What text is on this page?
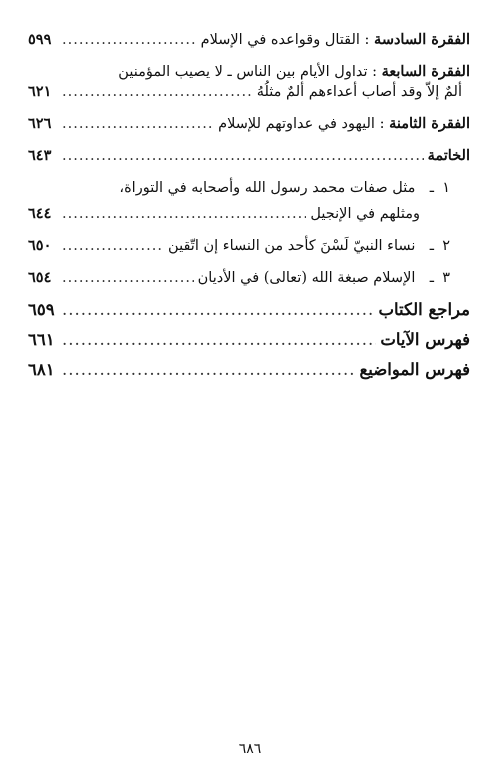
الفقرة السادسة : القتال وقواعده في الإسلام
.....
٥٩٩
الفقرة السابعة : تداول الأيام بين الناس ـ لا يصيب المؤمنين
ألمٌ إلاّ وقد أصاب أعداءهم ألمٌ مثلُهُ
.....
٦٢١
الفقرة الثامنة : اليهود في عداوتهم للإسلام
.....
٦٢٦
الخاتمة
.....
٦٤٣
١ـ مثل صفات محمد رسول الله وأصحابه في التوراة،
ومثلهم في الإنجيل
.....
٦٤٤
٢ـ نساء النبيّ لَسْنَ كأحد من النساء إن اتّقين
.....
٦٥٠
٣ـ الإسلام صبغة الله (تعالى) في الأديان
.....
٦٥٤
مراجع الكتاب
.....
٦٥٩
فهرس الآيات
.....
٦٦١
فهرس المواضيع
.....
٦٨١
٦٨٦
